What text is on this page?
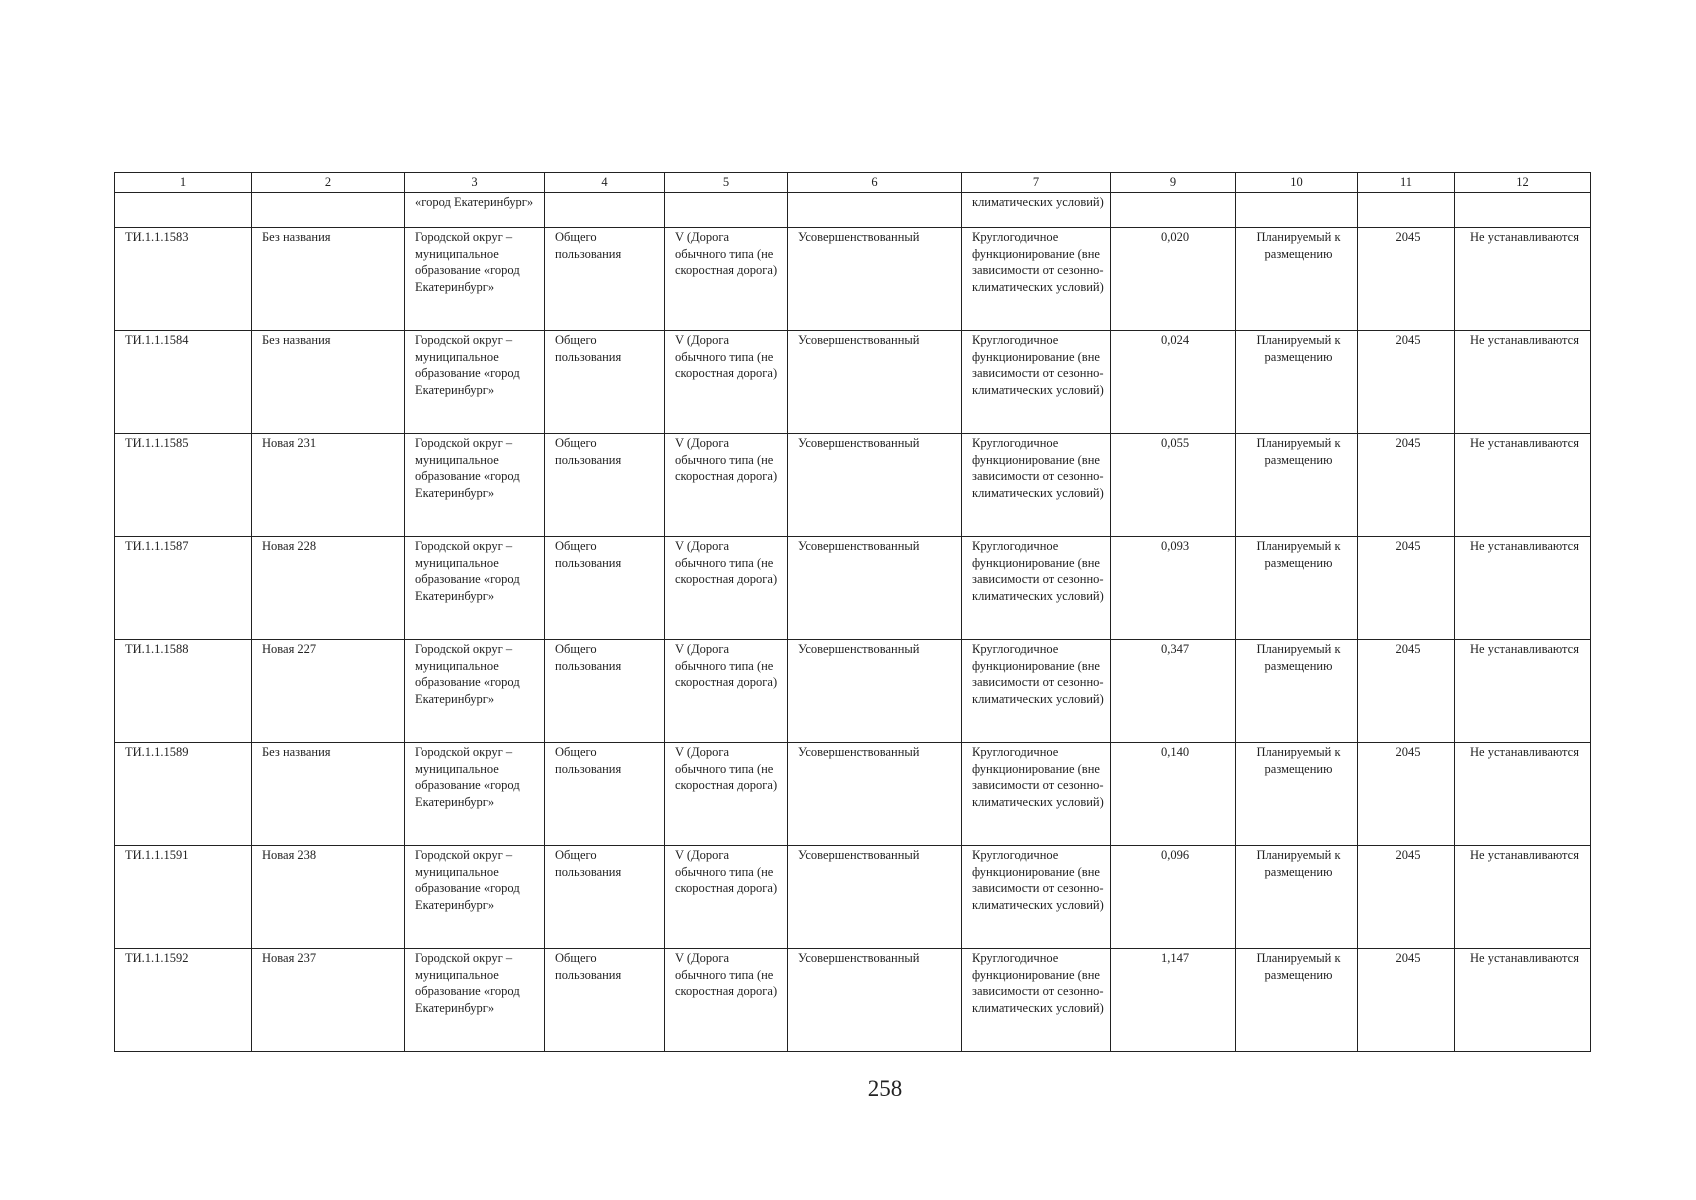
1	2	3	4	5	6	7	9	10	11	12
		«город Екатеринбург»				климатических условий)				
ТИ.1.1.1583	Без названия	Городской округ – муниципальное образование «город Екатеринбург»	Общего пользования	V (Дорога обычного типа (не скоростная дорога)	Усовершенствованный	Круглогодичное функционирование (вне зависимости от сезонно-климатических условий)	0,020	Планируемый к размещению	2045	Не устанавливаются
ТИ.1.1.1584	Без названия	Городской округ – муниципальное образование «город Екатеринбург»	Общего пользования	V (Дорога обычного типа (не скоростная дорога)	Усовершенствованный	Круглогодичное функционирование (вне зависимости от сезонно-климатических условий)	0,024	Планируемый к размещению	2045	Не устанавливаются
ТИ.1.1.1585	Новая 231	Городской округ – муниципальное образование «город Екатеринбург»	Общего пользования	V (Дорога обычного типа (не скоростная дорога)	Усовершенствованный	Круглогодичное функционирование (вне зависимости от сезонно-климатических условий)	0,055	Планируемый к размещению	2045	Не устанавливаются
ТИ.1.1.1587	Новая 228	Городской округ – муниципальное образование «город Екатеринбург»	Общего пользования	V (Дорога обычного типа (не скоростная дорога)	Усовершенствованный	Круглогодичное функционирование (вне зависимости от сезонно-климатических условий)	0,093	Планируемый к размещению	2045	Не устанавливаются
ТИ.1.1.1588	Новая 227	Городской округ – муниципальное образование «город Екатеринбург»	Общего пользования	V (Дорога обычного типа (не скоростная дорога)	Усовершенствованный	Круглогодичное функционирование (вне зависимости от сезонно-климатических условий)	0,347	Планируемый к размещению	2045	Не устанавливаются
ТИ.1.1.1589	Без названия	Городской округ – муниципальное образование «город Екатеринбург»	Общего пользования	V (Дорога обычного типа (не скоростная дорога)	Усовершенствованный	Круглогодичное функционирование (вне зависимости от сезонно-климатических условий)	0,140	Планируемый к размещению	2045	Не устанавливаются
ТИ.1.1.1591	Новая 238	Городской округ – муниципальное образование «город Екатеринбург»	Общего пользования	V (Дорога обычного типа (не скоростная дорога)	Усовершенствованный	Круглогодичное функционирование (вне зависимости от сезонно-климатических условий)	0,096	Планируемый к размещению	2045	Не устанавливаются
ТИ.1.1.1592	Новая 237	Городской округ – муниципальное образование «город Екатеринбург»	Общего пользования	V (Дорога обычного типа (не скоростная дорога)	Усовершенствованный	Круглогодичное функционирование (вне зависимости от сезонно-климатических условий)	1,147	Планируемый к размещению	2045	Не устанавливаются
258
